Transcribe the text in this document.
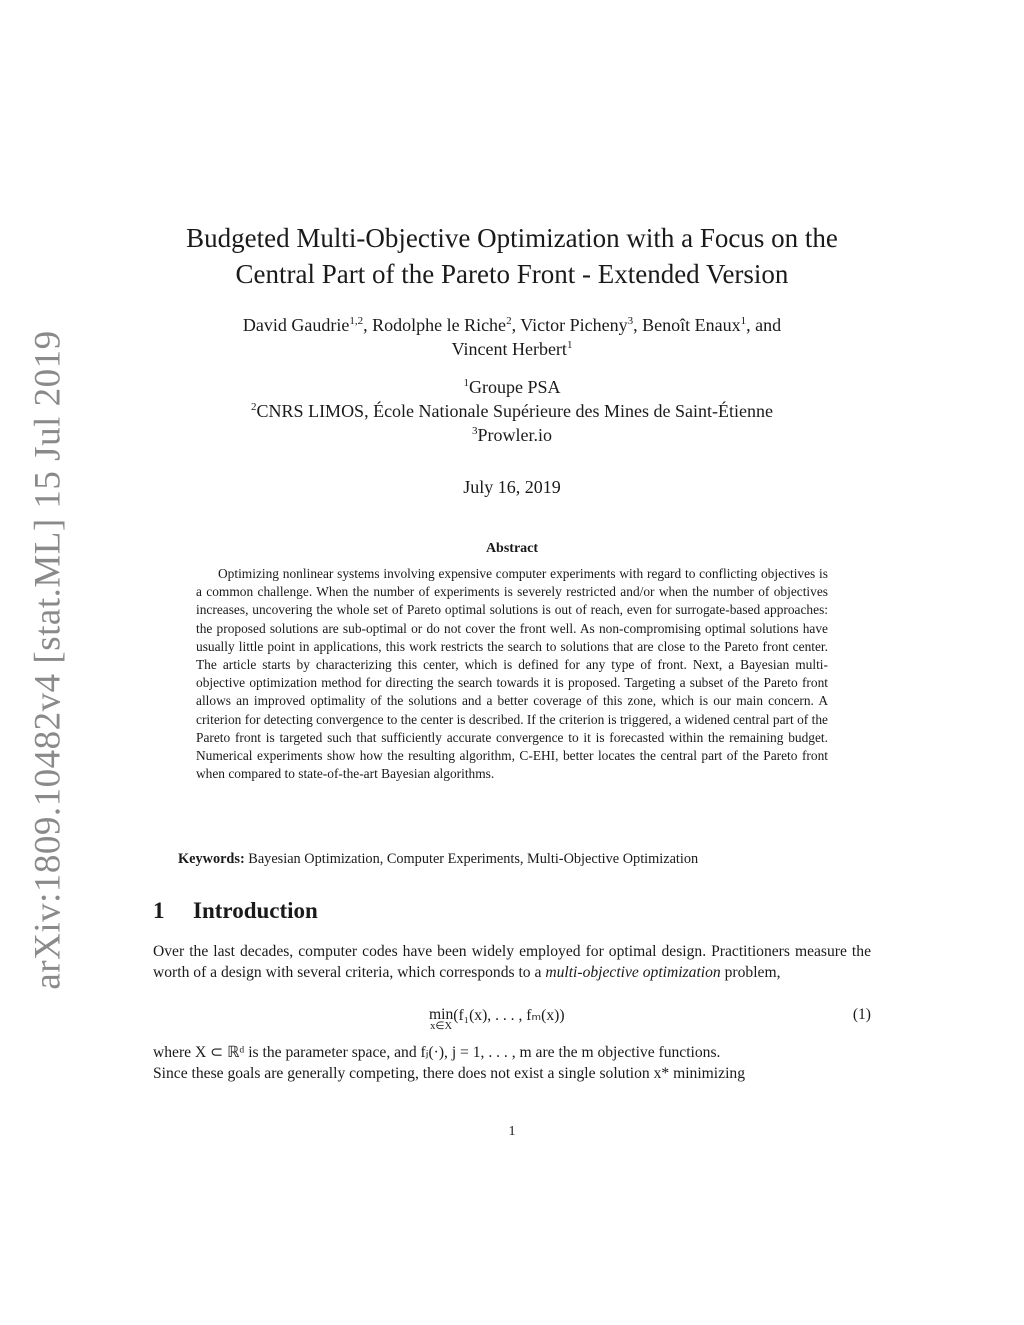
arXiv:1809.10482v4 [stat.ML] 15 Jul 2019
Budgeted Multi-Objective Optimization with a Focus on the
Central Part of the Pareto Front - Extended Version
David Gaudrie$^{1,2}$, Rodolphe le Riche$^2$, Victor Picheny$^3$, Benoît Enaux$^1$, and
Vincent Herbert$^1$
$^1$Groupe PSA
$^2$CNRS LIMOS, École Nationale Supérieure des Mines de Saint-Étienne
$^3$Prowler.io
July 16, 2019
Abstract
Optimizing nonlinear systems involving expensive computer experiments with regard to conflicting objectives is a common challenge. When the number of experiments is severely restricted and/or when the number of objectives increases, uncovering the whole set of Pareto optimal solutions is out of reach, even for surrogate-based approaches: the proposed solutions are sub-optimal or do not cover the front well. As non-compromising optimal solutions have usually little point in applications, this work restricts the search to solutions that are close to the Pareto front center. The article starts by characterizing this center, which is defined for any type of front. Next, a Bayesian multi-objective optimization method for directing the search towards it is proposed. Targeting a subset of the Pareto front allows an improved optimality of the solutions and a better coverage of this zone, which is our main concern. A criterion for detecting convergence to the center is described. If the criterion is triggered, a widened central part of the Pareto front is targeted such that sufficiently accurate convergence to it is forecasted within the remaining budget. Numerical experiments show how the resulting algorithm, C-EHI, better locates the central part of the Pareto front when compared to state-of-the-art Bayesian algorithms.
Keywords: Bayesian Optimization, Computer Experiments, Multi-Objective Optimization
1 Introduction
Over the last decades, computer codes have been widely employed for optimal design. Practitioners measure the worth of a design with several criteria, which corresponds to a multi-objective optimization problem,
min
x∈X
(f₁(x), . . . , fₘ(x))	(1)
where X ⊂ ℝᵈ is the parameter space, and fⱼ(·), j = 1, . . . , m are the m objective functions.
Since these goals are generally competing, there does not exist a single solution x* minimizing
1
